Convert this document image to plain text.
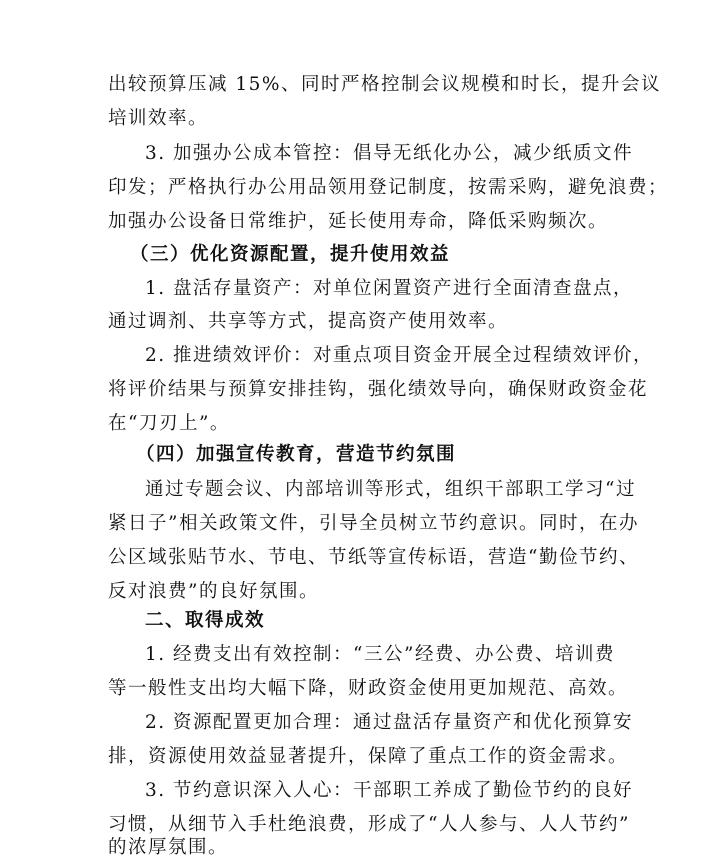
出较预算压减 15%、同时严格控制会议规模和时长，提升会议
培训效率。
3. 加强办公成本管控：倡导无纸化办公，减少纸质文件
印发；严格执行办公用品领用登记制度，按需采购，避免浪费；
加强办公设备日常维护，延长使用寿命，降低采购频次。
（三）优化资源配置，提升使用效益
1. 盘活存量资产：对单位闲置资产进行全面清查盘点，
通过调剂、共享等方式，提高资产使用效率。
2. 推进绩效评价：对重点项目资金开展全过程绩效评价，
将评价结果与预算安排挂钩，强化绩效导向，确保财政资金花
在“刀刃上”。
（四）加强宣传教育，营造节约氛围
通过专题会议、内部培训等形式，组织干部职工学习“过
紧日子”相关政策文件，引导全员树立节约意识。同时，在办
公区域张贴节水、节电、节纸等宣传标语，营造“勤俭节约、
反对浪费”的良好氛围。
二、取得成效
1. 经费支出有效控制：“三公”经费、办公费、培训费
等一般性支出均大幅下降，财政资金使用更加规范、高效。
2. 资源配置更加合理：通过盘活存量资产和优化预算安
排，资源使用效益显著提升，保障了重点工作的资金需求。
3. 节约意识深入人心：干部职工养成了勤俭节约的良好
习惯，从细节入手杜绝浪费，形成了“人人参与、人人节约”
的浓厚氛围。
